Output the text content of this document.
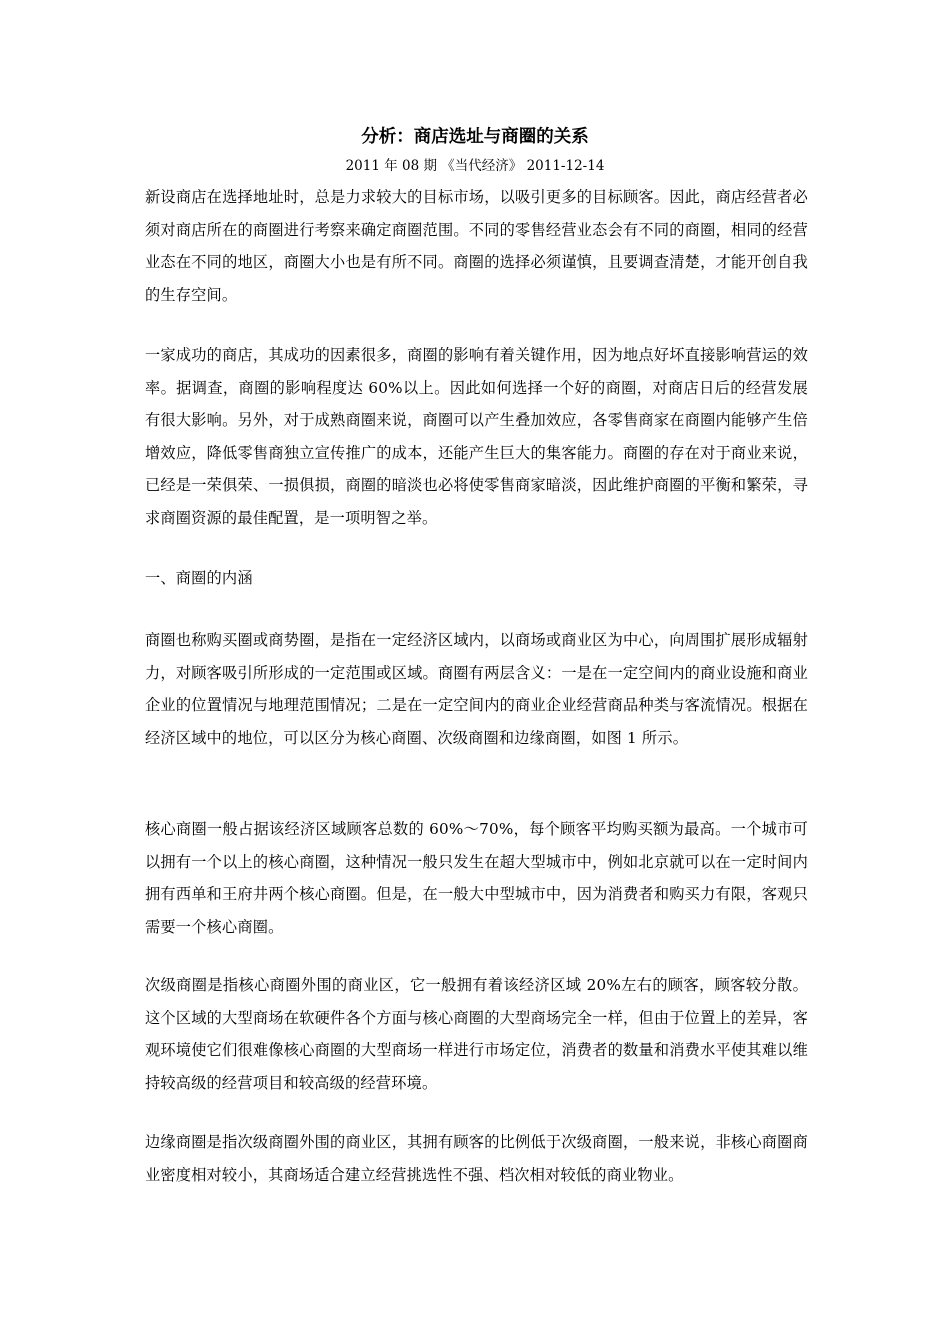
分析：商店选址与商圈的关系

2011 年 08 期 《当代经济》 2011-12-14

新设商店在选择地址时，总是力求较大的目标市场，以吸引更多的目标顾客。因此，商店经营者必须对商店所在的商圈进行考察来确定商圈范围。不同的零售经营业态会有不同的商圈，相同的经营业态在不同的地区，商圈大小也是有所不同。商圈的选择必须谨慎，且要调查清楚，才能开创自我的生存空间。

一家成功的商店，其成功的因素很多，商圈的影响有着关键作用，因为地点好坏直接影响营运的效率。据调查，商圈的影响程度达 60%以上。因此如何选择一个好的商圈，对商店日后的经营发展有很大影响。另外，对于成熟商圈来说，商圈可以产生叠加效应，各零售商家在商圈内能够产生倍增效应，降低零售商独立宣传推广的成本，还能产生巨大的集客能力。商圈的存在对于商业来说，已经是一荣俱荣、一损俱损，商圈的暗淡也必将使零售商家暗淡，因此维护商圈的平衡和繁荣，寻求商圈资源的最佳配置，是一项明智之举。

一、商圈的内涵

商圈也称购买圈或商势圈，是指在一定经济区域内，以商场或商业区为中心，向周围扩展形成辐射力，对顾客吸引所形成的一定范围或区域。商圈有两层含义：一是在一定空间内的商业设施和商业企业的位置情况与地理范围情况；二是在一定空间内的商业企业经营商品种类与客流情况。根据在经济区域中的地位，可以区分为核心商圈、次级商圈和边缘商圈，如图 1 所示。

核心商圈一般占据该经济区域顾客总数的 60%～70%，每个顾客平均购买额为最高。一个城市可以拥有一个以上的核心商圈，这种情况一般只发生在超大型城市中，例如北京就可以在一定时间内拥有西单和王府井两个核心商圈。但是，在一般大中型城市中，因为消费者和购买力有限，客观只需要一个核心商圈。

次级商圈是指核心商圈外围的商业区，它一般拥有着该经济区域 20%左右的顾客，顾客较分散。这个区域的大型商场在软硬件各个方面与核心商圈的大型商场完全一样，但由于位置上的差异，客观环境使它们很难像核心商圈的大型商场一样进行市场定位，消费者的数量和消费水平使其难以维持较高级的经营项目和较高级的经营环境。

边缘商圈是指次级商圈外围的商业区，其拥有顾客的比例低于次级商圈，一般来说，非核心商圈商业密度相对较小，其商场适合建立经营挑选性不强、档次相对较低的商业物业。
